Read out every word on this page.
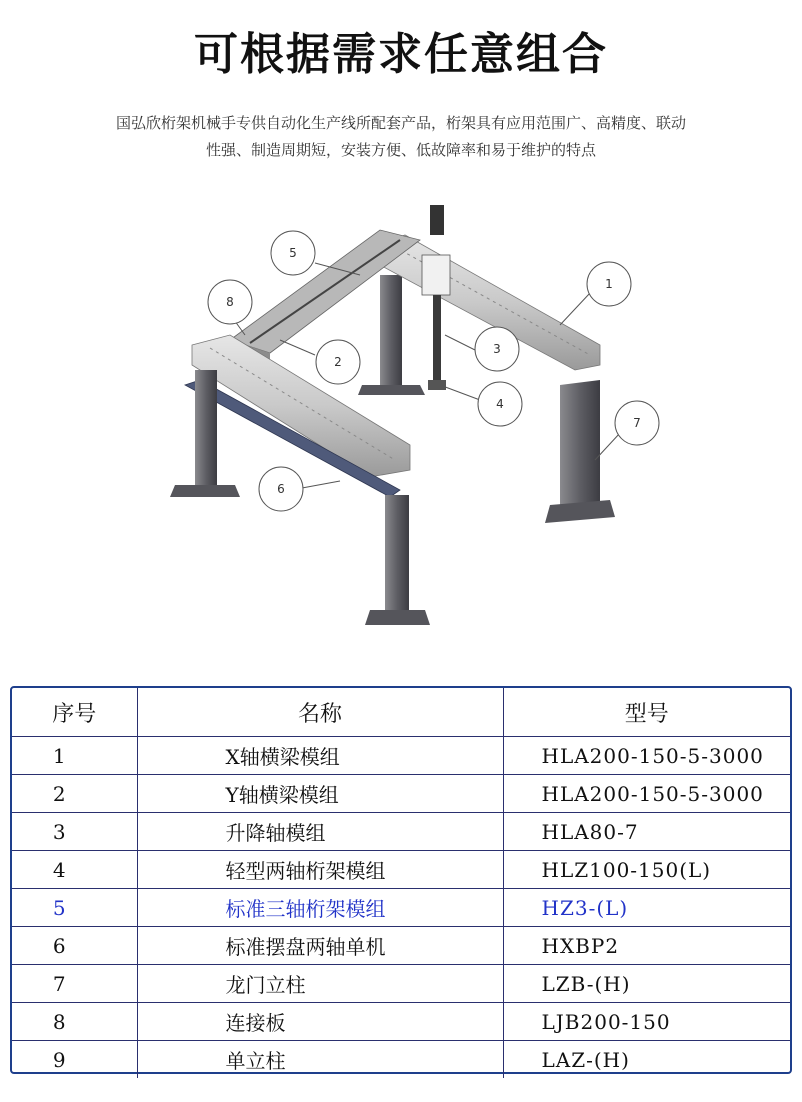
可根据需求任意组合
国弘欣桁架机械手专供自动化生产线所配套产品，桁架具有应用范围广、高精度、联动
性强、制造周期短，安装方便、低故障率和易于维护的特点
5
1
8
2
3
4
7
6
序号	名称	型号
1	X轴横梁模组	HLA200-150-5-3000
2	Y轴横梁模组	HLA200-150-5-3000
3	升降轴模组	HLA80-7
4	轻型两轴桁架模组	HLZ100-150(L)
5	标准三轴桁架模组	HZ3-(L)
6	标准摆盘两轴单机	HXBP2
7	龙门立柱	LZB-(H)
8	连接板	LJB200-150
9	单立柱	LAZ-(H)
